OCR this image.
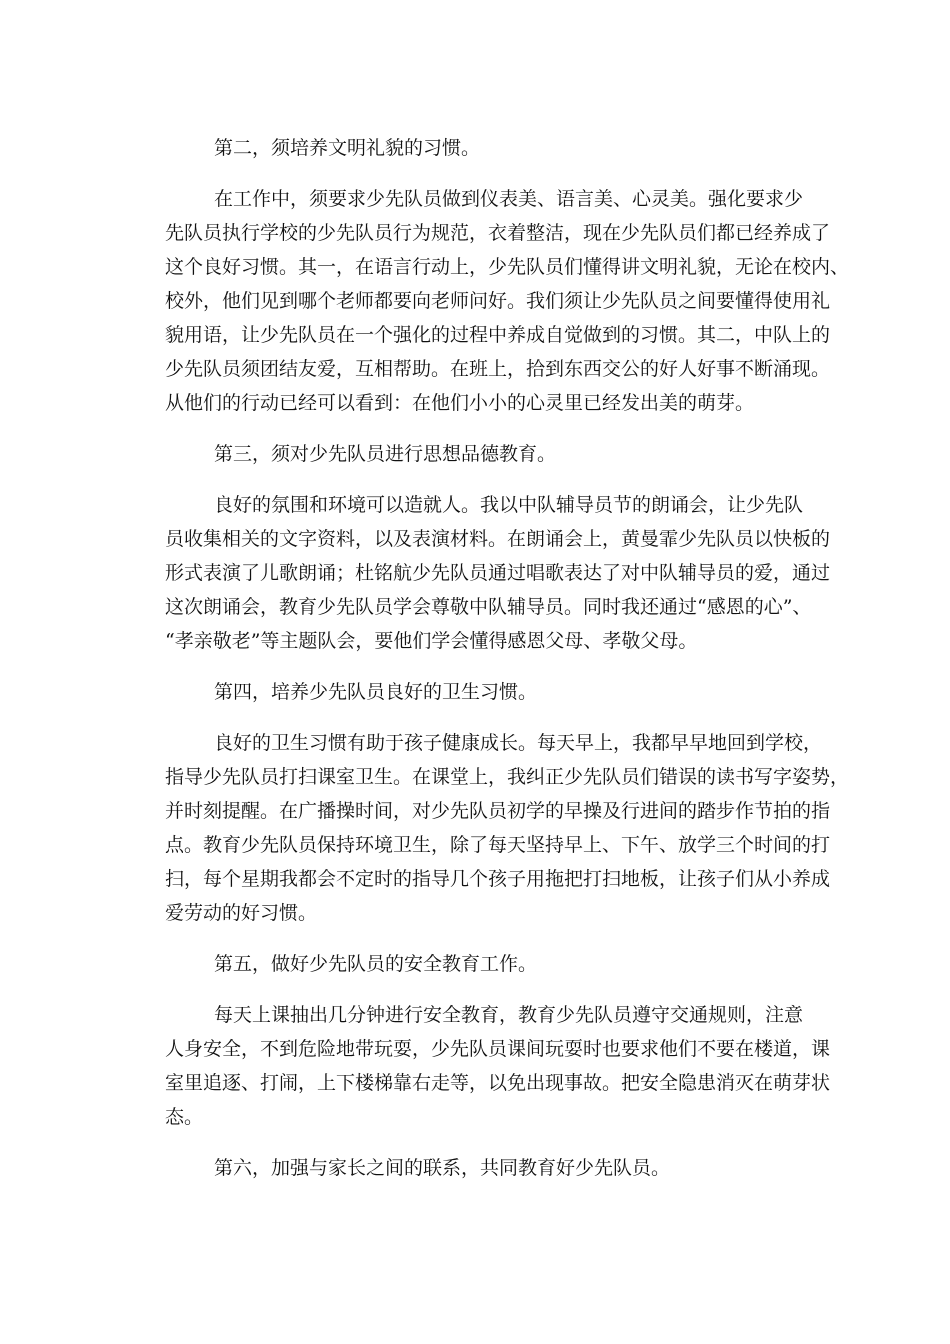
第二，须培养文明礼貌的习惯。

在工作中，须要求少先队员做到仪表美、语言美、心灵美。强化要求少
先队员执行学校的少先队员行为规范，衣着整洁，现在少先队员们都已经养成了
这个良好习惯。其一，在语言行动上，少先队员们懂得讲文明礼貌，无论在校内、
校外，他们见到哪个老师都要向老师问好。我们须让少先队员之间要懂得使用礼
貌用语，让少先队员在一个强化的过程中养成自觉做到的习惯。其二，中队上的
少先队员须团结友爱，互相帮助。在班上，拾到东西交公的好人好事不断涌现。
从他们的行动已经可以看到：在他们小小的心灵里已经发出美的萌芽。

第三，须对少先队员进行思想品德教育。

良好的氛围和环境可以造就人。我以中队辅导员节的朗诵会，让少先队
员收集相关的文字资料，以及表演材料。在朗诵会上，黄曼霏少先队员以快板的
形式表演了儿歌朗诵；杜铭航少先队员通过唱歌表达了对中队辅导员的爱，通过
这次朗诵会，教育少先队员学会尊敬中队辅导员。同时我还通过“感恩的心”、
“孝亲敬老”等主题队会，要他们学会懂得感恩父母、孝敬父母。

第四，培养少先队员良好的卫生习惯。

良好的卫生习惯有助于孩子健康成长。每天早上，我都早早地回到学校，
指导少先队员打扫课室卫生。在课堂上，我纠正少先队员们错误的读书写字姿势，
并时刻提醒。在广播操时间，对少先队员初学的早操及行进间的踏步作节拍的指
点。教育少先队员保持环境卫生，除了每天坚持早上、下午、放学三个时间的打
扫，每个星期我都会不定时的指导几个孩子用拖把打扫地板，让孩子们从小养成
爱劳动的好习惯。

第五，做好少先队员的安全教育工作。

每天上课抽出几分钟进行安全教育，教育少先队员遵守交通规则，注意
人身安全，不到危险地带玩耍，少先队员课间玩耍时也要求他们不要在楼道，课
室里追逐、打闹，上下楼梯靠右走等，以免出现事故。把安全隐患消灭在萌芽状
态。

第六，加强与家长之间的联系，共同教育好少先队员。
